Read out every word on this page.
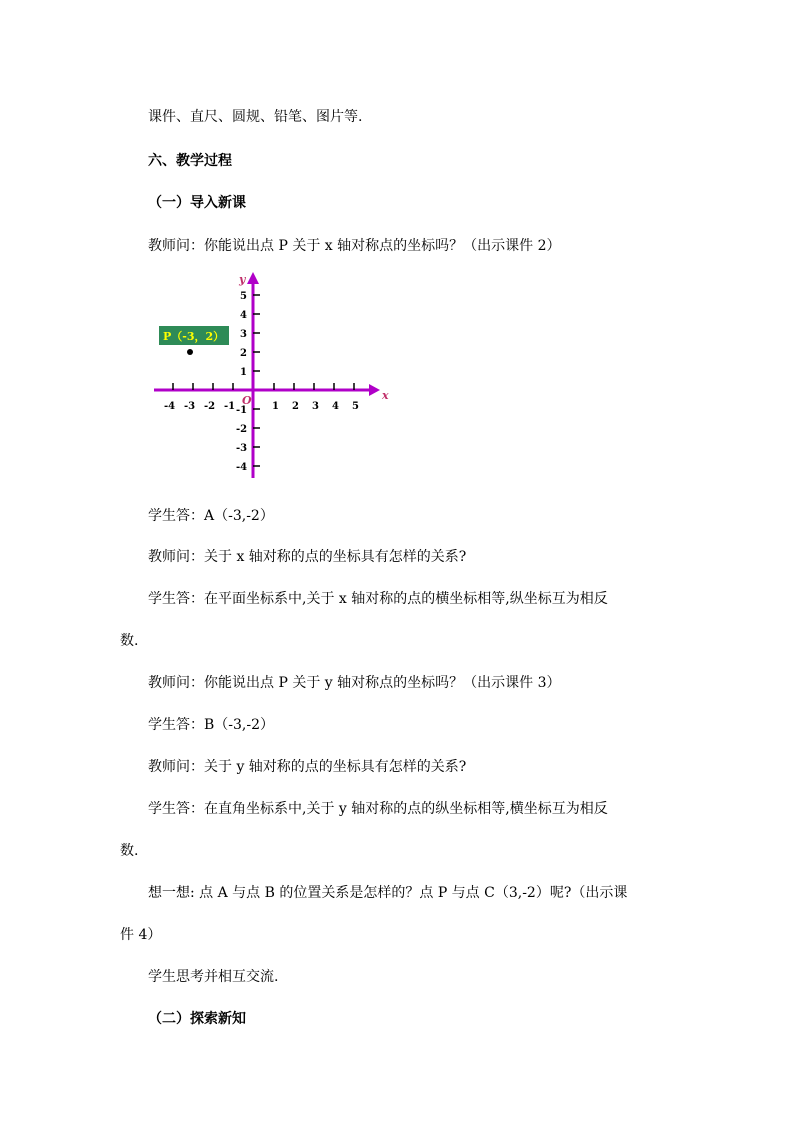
课件、直尺、圆规、铅笔、图片等.
六、教学过程
（一）导入新课
教师问：你能说出点 P 关于 x 轴对称点的坐标吗？（出示课件 2）
-4 -3 -2 -1	1 2 3 4 5
5
4
3
2
1
-1
-2
-3
-4
x
y
O
P（-3，2）
学生答：A（-3,-2）
教师问：关于 x 轴对称的点的坐标具有怎样的关系?
学生答：在平面坐标系中,关于 x 轴对称的点的横坐标相等,纵坐标互为相反
数.
教师问：你能说出点 P 关于 y 轴对称点的坐标吗？（出示课件 3）
学生答：B（-3,-2）
教师问：关于 y 轴对称的点的坐标具有怎样的关系?
学生答：在直角坐标系中,关于 y 轴对称的点的纵坐标相等,横坐标互为相反
数.
想一想: 点 A 与点 B 的位置关系是怎样的？点 P 与点 C（3,-2）呢?（出示课
件 4）
学生思考并相互交流.
（二）探索新知
